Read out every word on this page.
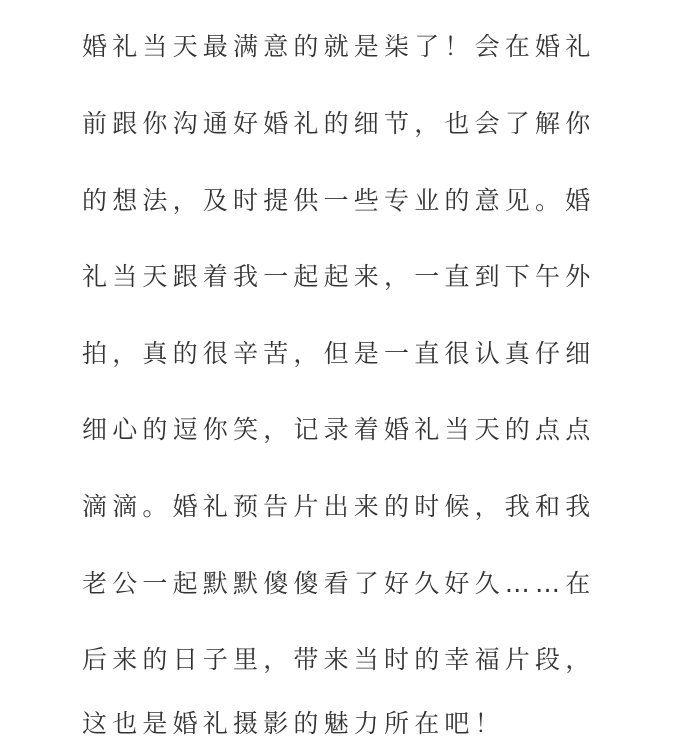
婚礼当天最满意的就是柒了！会在婚礼

前跟你沟通好婚礼的细节，也会了解你

的想法，及时提供一些专业的意见。婚

礼当天跟着我一起起来，一直到下午外

拍，真的很辛苦，但是一直很认真仔细

细心的逗你笑，记录着婚礼当天的点点

滴滴。婚礼预告片出来的时候，我和我

老公一起默默傻傻看了好久好久……在

后来的日子里，带来当时的幸福片段，

这也是婚礼摄影的魅力所在吧！
